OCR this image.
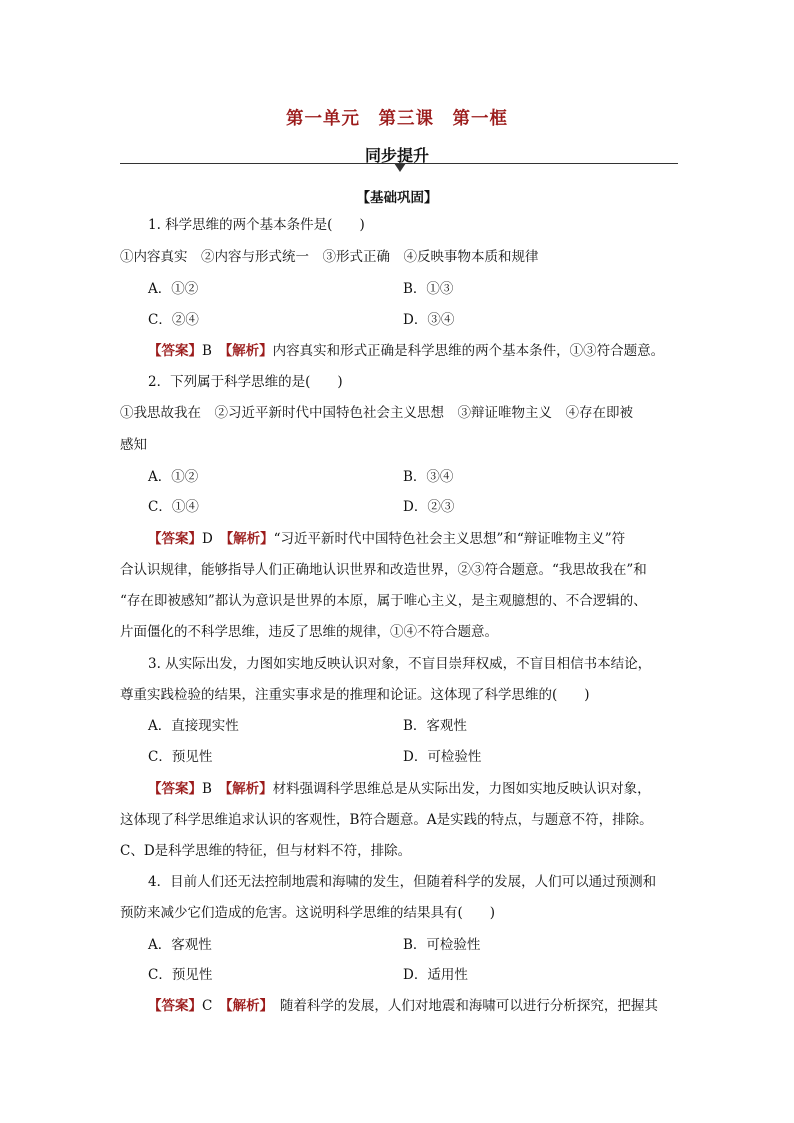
第一单元　第三课　第一框
同步提升
【基础巩固】
1. 科学思维的两个基本条件是(　　)
①内容真实　②内容与形式统一　③形式正确　④反映事物本质和规律
A．①②	B．①③
C．②④	D．③④
【答案】B　 【解析】内容真实和形式正确是科学思维的两个基本条件，①③符合题意。
2．下列属于科学思维的是(　　)
①我思故我在　②习近平新时代中国特色社会主义思想　③辩证唯物主义　④存在即被
感知
A．①②	B．③④
C．①④	D．②③
【答案】D　 【解析】“习近平新时代中国特色社会主义思想”和“辩证唯物主义”符
合认识规律，能够指导人们正确地认识世界和改造世界，②③符合题意。“我思故我在”和
“存在即被感知”都认为意识是世界的本原，属于唯心主义，是主观臆想的、不合逻辑的、
片面僵化的不科学思维，违反了思维的规律，①④不符合题意。
3. 从实际出发，力图如实地反映认识对象，不盲目崇拜权威，不盲目相信书本结论，
尊重实践检验的结果，注重实事求是的推理和论证。这体现了科学思维的(　　)
A．直接现实性	B．客观性
C．预见性	D．可检验性
【答案】B　 【解析】材料强调科学思维总是从实际出发，力图如实地反映认识对象，
这体现了科学思维追求认识的客观性，B符合题意。A是实践的特点，与题意不符，排除。
C、D是科学思维的特征，但与材料不符，排除。
4．目前人们还无法控制地震和海啸的发生，但随着科学的发展，人们可以通过预测和
预防来减少它们造成的危害。这说明科学思维的结果具有(　　)
A．客观性	B．可检验性
C．预见性	D．适用性
【答案】C　 【解析】　 随着科学的发展，人们对地震和海啸可以进行分析探究，把握其
